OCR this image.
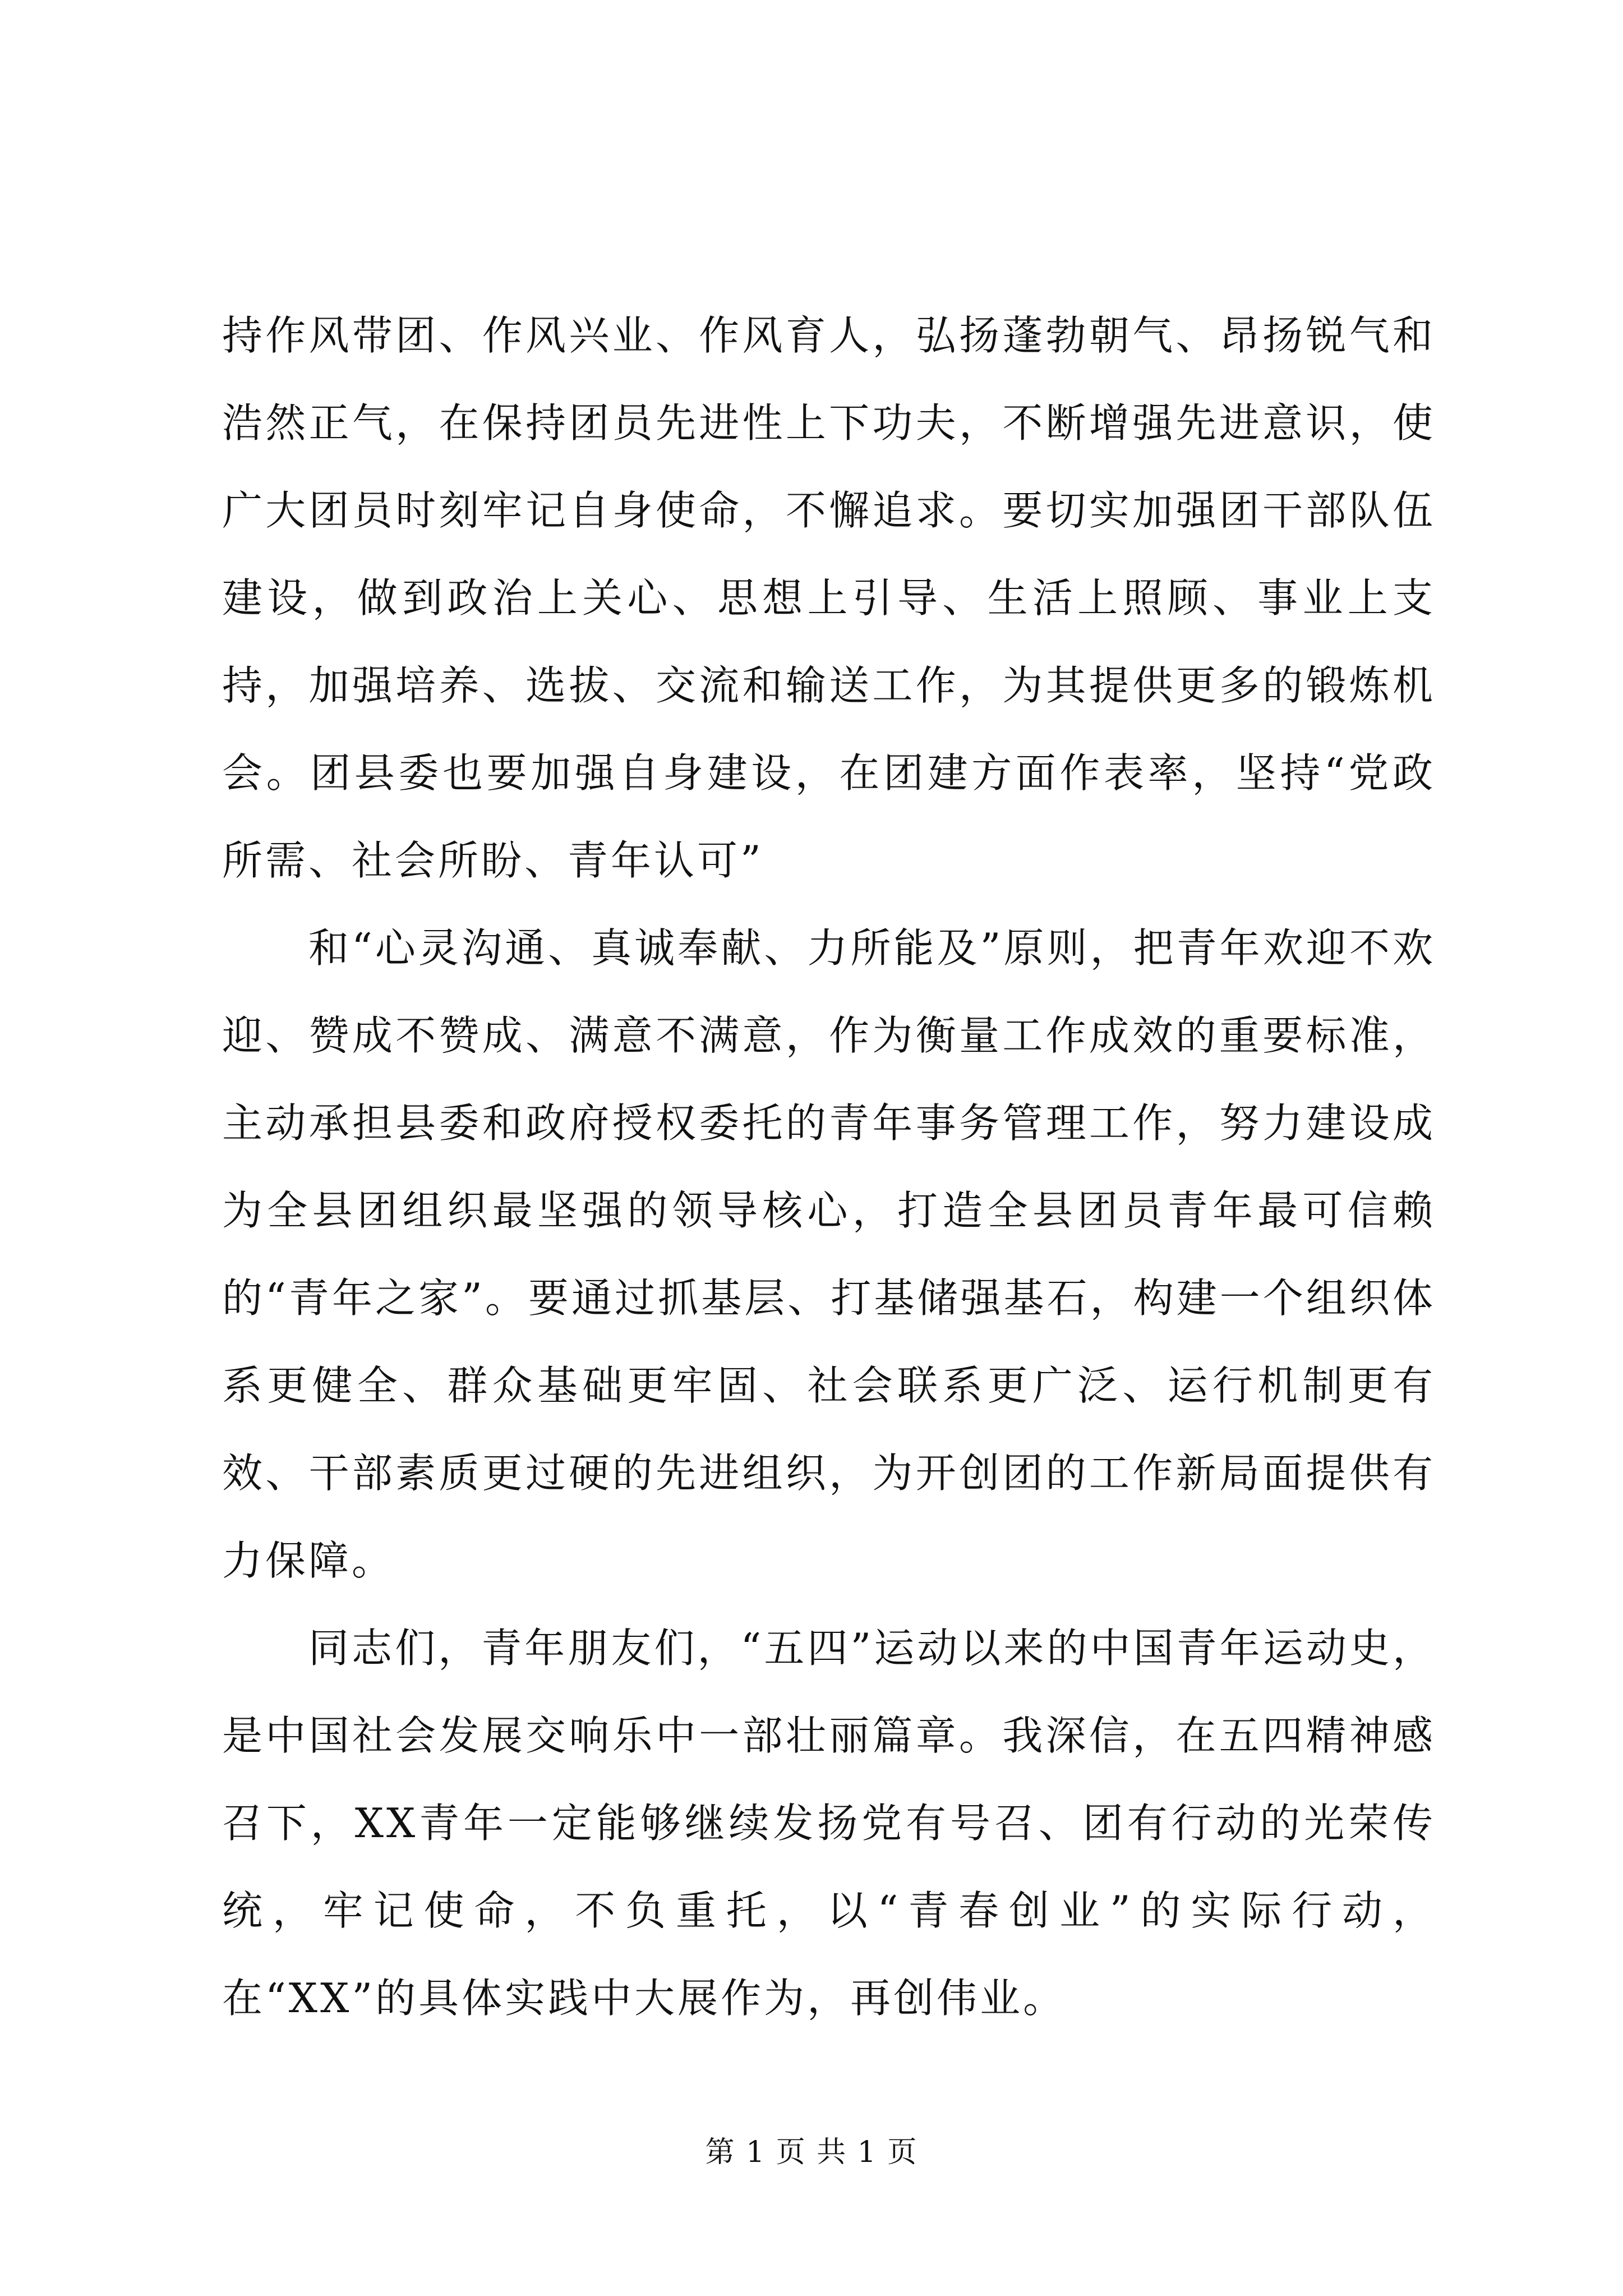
持作风带团、作风兴业、作风育人，弘扬蓬勃朝气、昂扬锐气和浩然正气，在保持团员先进性上下功夫，不断增强先进意识，使广大团员时刻牢记自身使命，不懈追求。要切实加强团干部队伍建设，做到政治上关心、思想上引导、生活上照顾、事业上支持，加强培养、选拔、交流和输送工作，为其提供更多的锻炼机会。团县委也要加强自身建设，在团建方面作表率，坚持“党政所需、社会所盼、青年认可”

和“心灵沟通、真诚奉献、力所能及”原则，把青年欢迎不欢迎、赞成不赞成、满意不满意，作为衡量工作成效的重要标准，主动承担县委和政府授权委托的青年事务管理工作，努力建设成为全县团组织最坚强的领导核心，打造全县团员青年最可信赖的“青年之家”。要通过抓基层、打基储强基石，构建一个组织体系更健全、群众基础更牢固、社会联系更广泛、运行机制更有效、干部素质更过硬的先进组织，为开创团的工作新局面提供有力保障。

同志们，青年朋友们，“五四”运动以来的中国青年运动史，是中国社会发展交响乐中一部壮丽篇章。我深信，在五四精神感召下，XX青年一定能够继续发扬党有号召、团有行动的光荣传统，牢记使命，不负重托，以“青春创业”的实际行动，在“XX”的具体实践中大展作为，再创伟业。

第 1 页 共 1 页
